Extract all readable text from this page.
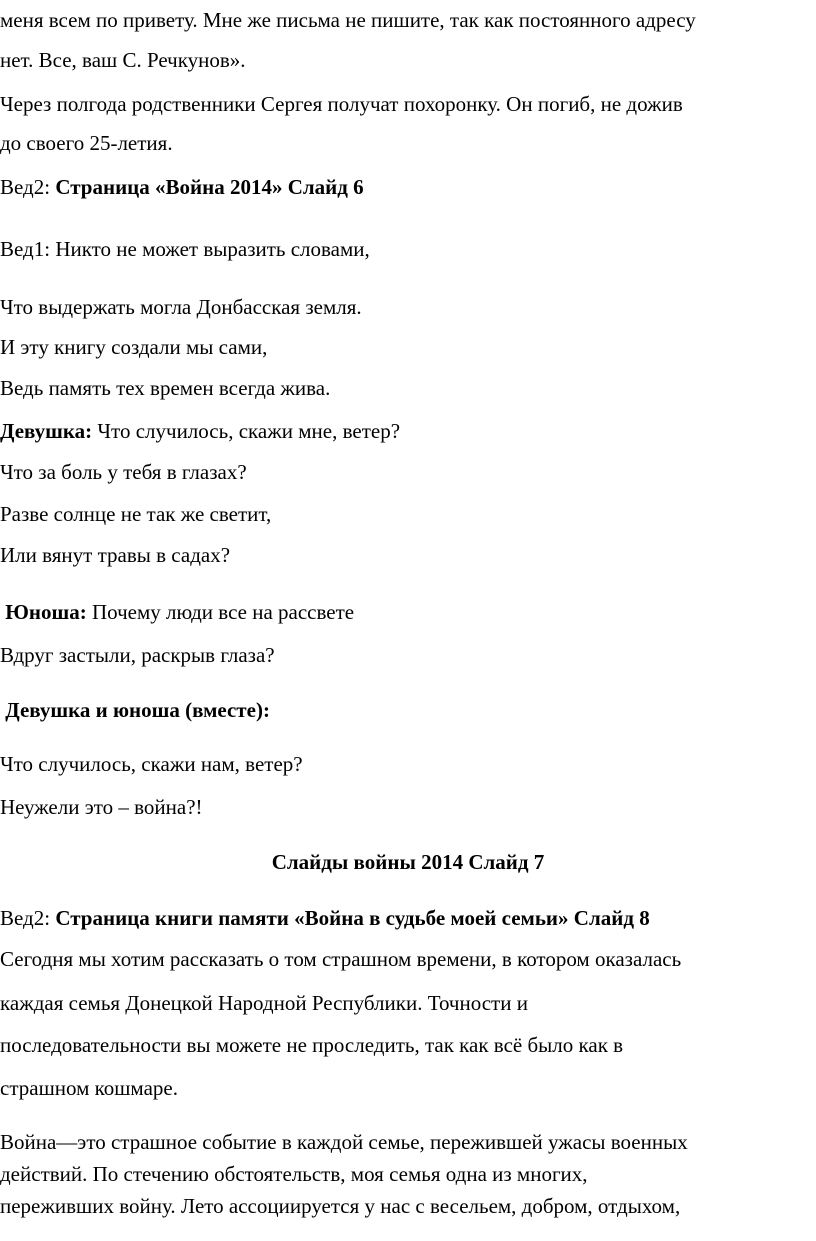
меня всем по привету. Мне же письма не пишите, так как постоянного адресу
нет. Все, ваш С. Речкунов».
Через полгода родственники Сергея получат похоронку. Он погиб, не дожив
до своего 25-летия.
Вед2: Страница «Война 2014» Слайд 6
Вед1: Никто не может выразить словами,
Что выдержать могла Донбасская земля.
И эту книгу создали мы сами,
Ведь память тех времен всегда жива.
Девушка: Что случилось, скажи мне, ветер?
Что за боль у тебя в глазах?
Разве солнце не так же светит,
Или вянут травы в садах?
Юноша: Почему люди все на рассвете
Вдруг застыли, раскрыв глаза?
Девушка и юноша (вместе):
Что случилось, скажи нам, ветер?
Неужели это – война?!
Слайды войны 2014 Слайд 7
Вед2: Страница книги памяти «Война в судьбе моей семьи» Слайд 8
Сегодня мы хотим рассказать о том страшном времени, в котором оказалась
каждая семья Донецкой Народной Республики. Точности и
последовательности вы можете не проследить, так как всё было как в
страшном кошмаре.
Война—это страшное событие в каждой семье, пережившей ужасы военных
действий. По стечению обстоятельств, моя семья одна из многих,
переживших войну. Лето ассоциируется у нас с весельем, добром, отдыхом,
